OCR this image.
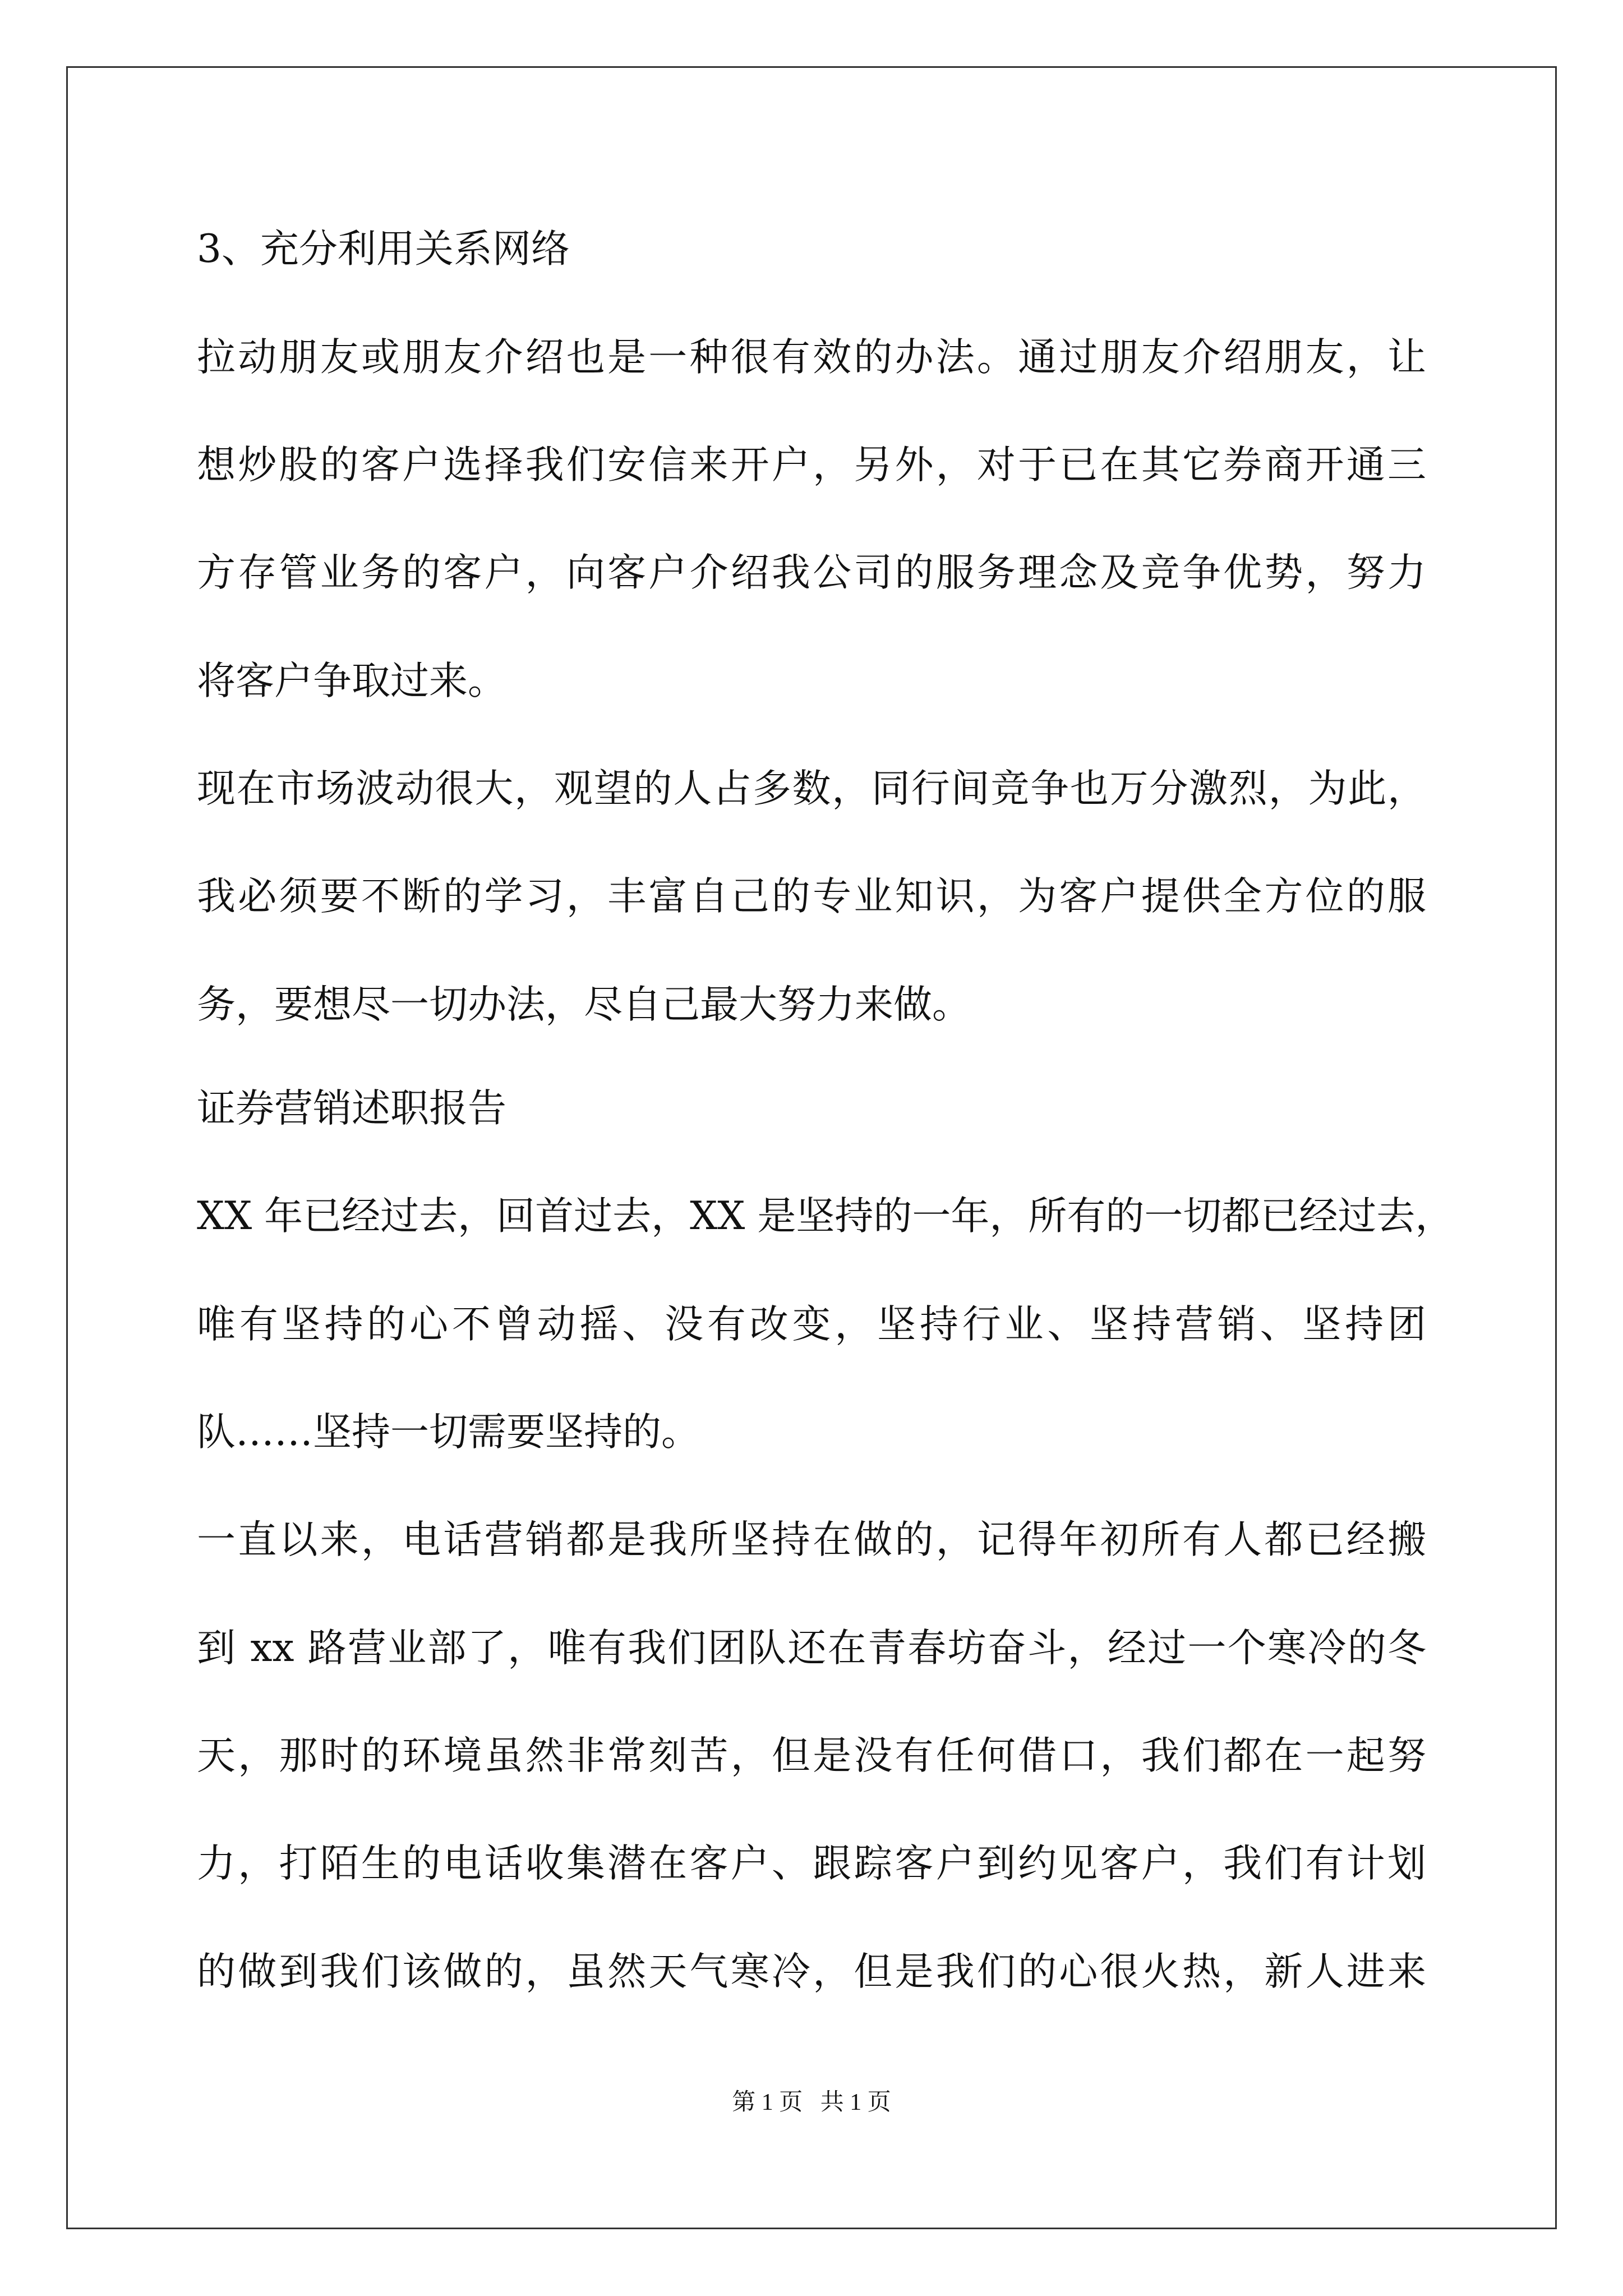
3、充分利用关系网络
拉动朋友或朋友介绍也是一种很有效的办法。通过朋友介绍朋友，让
想炒股的客户选择我们安信来开户，另外，对于已在其它券商开通三
方存管业务的客户，向客户介绍我公司的服务理念及竞争优势，努力
将客户争取过来。
现在市场波动很大，观望的人占多数，同行间竞争也万分激烈，为此，
我必须要不断的学习，丰富自己的专业知识，为客户提供全方位的服
务，要想尽一切办法，尽自己最大努力来做。
证券营销述职报告
XX 年已经过去，回首过去，XX 是坚持的一年，所有的一切都已经过去，
唯有坚持的心不曾动摇、没有改变，坚持行业、坚持营销、坚持团
队……坚持一切需要坚持的。
一直以来，电话营销都是我所坚持在做的，记得年初所有人都已经搬
到 xx 路营业部了，唯有我们团队还在青春坊奋斗，经过一个寒冷的冬
天，那时的环境虽然非常刻苦，但是没有任何借口，我们都在一起努
力，打陌生的电话收集潜在客户、跟踪客户到约见客户，我们有计划
的做到我们该做的，虽然天气寒冷，但是我们的心很火热，新人进来
第 1 页   共 1 页
